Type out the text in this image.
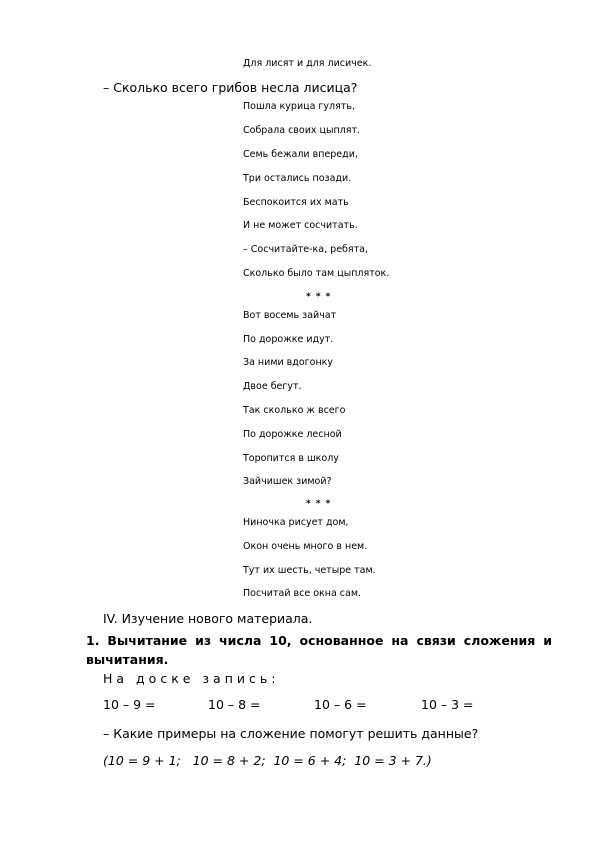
Для лисят и для лисичек.
– Сколько всего грибов несла лисица?
Пошла курица гулять,
Собрала своих цыплят.
Семь бежали впереди,
Три остались позади.
Беспокоится их мать
И не может сосчитать.
– Сосчитайте-ка, ребята,
Сколько было там цыпляток.
* * *
Вот восемь зайчат
По дорожке идут.
За ними вдогонку
Двое бегут.
Так сколько ж всего
По дорожке лесной
Торопится в школу
Зайчишек зимой?
* * *
Ниночка рисует дом,
Окон очень много в нем.
Тут их шесть, четыре там.
Посчитай все окна сам.
IV. Изучение нового материала.
1. Вычитание из числа 10, основанное на связи сложения и вычитания.
На доске запись:
10 – 9 =	10 – 8 =	10 – 6 =	10 – 3 =
– Какие примеры на сложение помогут решить данные?
(10 = 9 + 1;   10 = 8 + 2;  10 = 6 + 4;  10 = 3 + 7.)
